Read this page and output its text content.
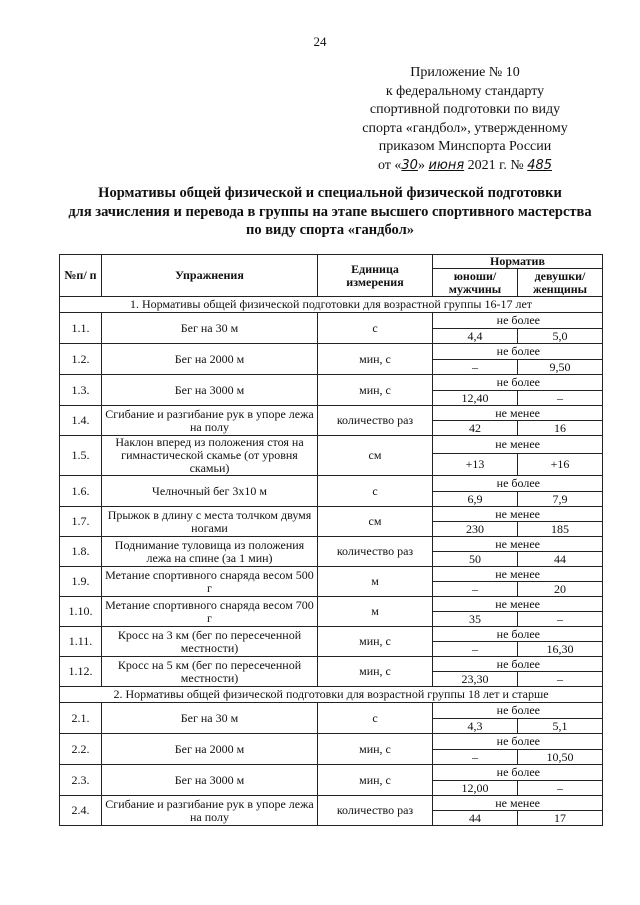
24
Приложение № 10
к федеральному стандарту
спортивной подготовки по виду
спорта «гандбол», утвержденному
приказом Минспорта России
от «30» июня 2021 г. № 485
Нормативы общей физической и специальной физической подготовки
для зачисления и перевода в группы на этапе высшего спортивного мастерства
по виду спорта «гандбол»
№п/ п	Упражнения	Единица измерения	Норматив	
			юноши/ мужчины	девушки/ женщины
1. Нормативы общей физической подготовки для возрастной группы 16-17 лет				
1.1.	Бег на 30 м	с	не более	
			4,4	5,0
1.2.	Бег на 2000 м	мин, с	не более	
			–	9,50
1.3.	Бег на 3000 м	мин, с	не более	
			12,40	–
1.4.	Сгибание и разгибание рук в упоре лежа на полу	количество раз	не менее	
			42	16
1.5.	Наклон вперед из положения стоя на гимнастической скамье (от уровня скамьи)	см	не менее	
			+13	+16
1.6.	Челночный бег 3х10 м	с	не более	
			6,9	7,9
1.7.	Прыжок в длину с места толчком двумя ногами	см	не менее	
			230	185
1.8.	Поднимание туловища из положения лежа на спине (за 1 мин)	количество раз	не менее	
			50	44
1.9.	Метание спортивного снаряда весом 500 г	м	не менее	
			–	20
1.10.	Метание спортивного снаряда весом 700 г	м	не менее	
			35	–
1.11.	Кросс на 3 км (бег по пересеченной местности)	мин, с	не более	
			–	16,30
1.12.	Кросс на 5 км (бег по пересеченной местности)	мин, с	не более	
			23,30	–
2. Нормативы общей физической подготовки для возрастной группы 18 лет и старше				
2.1.	Бег на 30 м	с	не более	
			4,3	5,1
2.2.	Бег на 2000 м	мин, с	не более	
			–	10,50
2.3.	Бег на 3000 м	мин, с	не более	
			12,00	–
2.4.	Сгибание и разгибание рук в упоре лежа на полу	количество раз	не менее	
			44	17
